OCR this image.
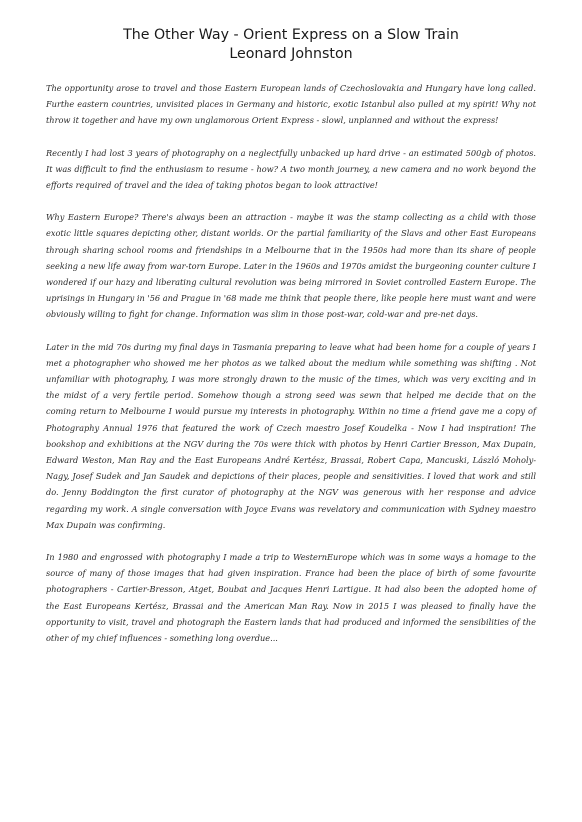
The Other Way - Orient Express on a Slow Train
Leonard Johnston

The opportunity arose to travel and those Eastern European lands of Czechoslovakia and Hungary have long called. Furthe eastern countries, unvisited places in Germany and historic, exotic Istanbul also pulled at my spirit! Why not throw it together and have my own unglamorous Orient Express - slowl, unplanned and without the express!

Recently I had lost 3 years of photography on a neglectfully unbacked up hard drive - an estimated 500gb of photos. It was difficult to find the enthusiasm to resume - how? A two month journey, a new camera and no work beyond the efforts required of travel and the idea of taking photos began to look attractive!

Why Eastern Europe? There's always been an attraction - maybe it was the stamp collecting as a child with those exotic little squares depicting other, distant worlds. Or the partial familiarity of the Slavs and other East Europeans through sharing school rooms and friendships in a Melbourne that in the 1950s had more than its share of people seeking a new life away from war-torn Europe. Later in the 1960s and 1970s amidst the burgeoning counter culture I wondered if our hazy and liberating cultural revolution was being mirrored in Soviet controlled Eastern Europe. The uprisings in Hungary in '56 and Prague in '68 made me think that people there, like people here must want and were obviously willing to fight for change. Information was slim in those post-war, cold-war and pre-net days.

Later in the mid 70s during my final days in Tasmania preparing to leave what had been home for a couple of years I met a photographer who showed me her photos as we talked about the medium while something was shifting . Not unfamiliar with photography, I was more strongly drawn to the music of the times, which was very exciting and in the midst of a very fertile period. Somehow though a strong seed was sewn that helped me decide that on the coming return to Melbourne I would pursue my interests in photography. Within no time a friend gave me a copy of Photography Annual 1976 that featured the work of Czech maestro Josef Koudelka - Now I had inspiration! The bookshop and exhibitions at the NGV during the 70s were thick with photos by Henri Cartier Bresson, Max Dupain, Edward Weston, Man Ray and the East Europeans André Kertész, Brassai, Robert Capa, Mancuski, László Moholy-Nagy, Josef Sudek and Jan Saudek and depictions of their places, people and sensitivities. I loved that work and still do. Jenny Boddington the first curator of photography at the NGV was generous with her response and advice regarding my work. A single conversation with Joyce Evans was revelatory and communication with Sydney maestro Max Dupain was confirming.

In 1980 and engrossed with photography I made a trip to WesternEurope which was in some ways a homage to the source of many of those images that had given inspiration. France had been the place of birth of some favourite photographers - Cartier-Bresson, Atget, Boubat and Jacques Henri Lartigue. It had also been the adopted home of the East Europeans Kertész, Brassai and the American Man Ray. Now in 2015 I was pleased to finally have the opportunity to visit, travel and photograph the Eastern lands that had produced and informed the sensibilities of the other of my chief influences - something long overdue...
